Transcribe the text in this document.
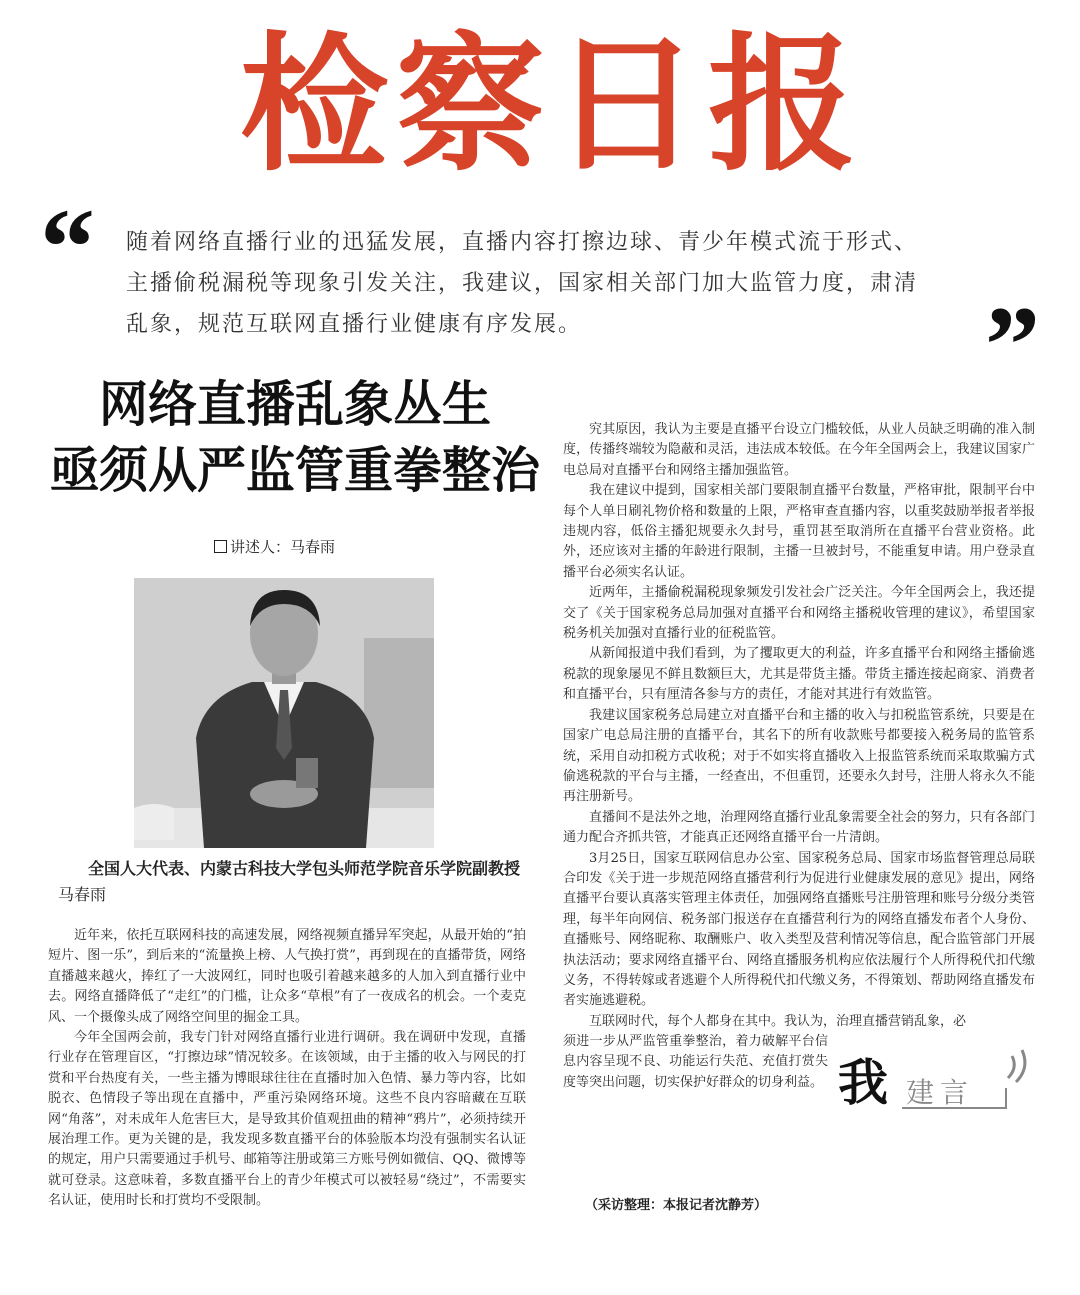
检察日报
“ 随着网络直播行业的迅猛发展，直播内容打擦边球、青少年模式流于形式、

主播偷税漏税等现象引发关注，我建议，国家相关部门加大监管力度，肃清

乱象，规范互联网直播行业健康有序发展。	”
网络直播乱象丛生
亟须从严监管重拳整治
讲述人：马春雨
全国人大代表、内蒙古科技大学包头师范学院音乐学院副教授马春雨

近年来，依托互联网科技的高速发展，网络视频直播异军突起，从最开始的“拍短片、图一乐”，到后来的“流量换上榜、人气换打赏”，再到现在的直播带货，网络直播越来越火，捧红了一大波网红，同时也吸引着越来越多的人加入到直播行业中去。网络直播降低了“走红”的门槛，让众多“草根”有了一夜成名的机会。一个麦克风、一个摄像头成了网络空间里的掘金工具。

今年全国两会前，我专门针对网络直播行业进行调研。我在调研中发现，直播行业存在管理盲区，“打擦边球”情况较多。在该领域，由于主播的收入与网民的打赏和平台热度有关，一些主播为博眼球往往在直播时加入色情、暴力等内容，比如脱衣、色情段子等出现在直播中，严重污染网络环境。这些不良内容暗藏在互联网“角落”，对未成年人危害巨大，是导致其价值观扭曲的精神“鸦片”，必须持续开展治理工作。更为关键的是，我发现多数直播平台的体验版本均没有强制实名认证的规定，用户只需要通过手机号、邮箱等注册或第三方账号例如微信、QQ、微博等就可登录。这意味着，多数直播平台上的青少年模式可以被轻易“绕过”，不需要实名认证，使用时长和打赏均不受限制。

究其原因，我认为主要是直播平台设立门槛较低，从业人员缺乏明确的准入制度，传播终端较为隐蔽和灵活，违法成本较低。在今年全国两会上，我建议国家广电总局对直播平台和网络主播加强监管。

我在建议中提到，国家相关部门要限制直播平台数量，严格审批，限制平台中每个人单日刷礼物价格和数量的上限，严格审查直播内容，以重奖鼓励举报者举报违规内容，低俗主播犯规要永久封号，重罚甚至取消所在直播平台营业资格。此外，还应该对主播的年龄进行限制，主播一旦被封号，不能重复申请。用户登录直播平台必须实名认证。

近两年，主播偷税漏税现象频发引发社会广泛关注。今年全国两会上，我还提交了《关于国家税务总局加强对直播平台和网络主播税收管理的建议》，希望国家税务机关加强对直播行业的征税监管。

从新闻报道中我们看到，为了攫取更大的利益，许多直播平台和网络主播偷逃税款的现象屡见不鲜且数额巨大，尤其是带货主播。带货主播连接起商家、消费者和直播平台，只有厘清各参与方的责任，才能对其进行有效监管。

我建议国家税务总局建立对直播平台和主播的收入与扣税监管系统，只要是在国家广电总局注册的直播平台，其名下的所有收款账号都要接入税务局的监管系统，采用自动扣税方式收税；对于不如实将直播收入上报监管系统而采取欺骗方式偷逃税款的平台与主播，一经查出，不但重罚，还要永久封号，注册人将永久不能再注册新号。

直播间不是法外之地，治理网络直播行业乱象需要全社会的努力，只有各部门通力配合齐抓共管，才能真正还网络直播平台一片清朗。

3月25日，国家互联网信息办公室、国家税务总局、国家市场监督管理总局联合印发《关于进一步规范网络直播营利行为促进行业健康发展的意见》提出，网络直播平台要认真落实管理主体责任，加强网络直播账号注册管理和账号分级分类管理，每半年向网信、税务部门报送存在直播营利行为的网络直播发布者个人身份、直播账号、网络昵称、取酬账户、收入类型及营利情况等信息，配合监管部门开展执法活动；要求网络直播平台、网络直播服务机构应依法履行个人所得税代扣代缴义务，不得转嫁或者逃避个人所得税代扣代缴义务，不得策划、帮助网络直播发布者实施逃避税。

互联网时代，每个人都身在其中。我认为，治理直播营销乱象，必

须进一步从严监管重拳整治，着力破解平台信息内容呈现不良、功能运行失范、充值打赏失度等突出问题，切实保护好群众的切身利益。
（采访整理：本报记者沈静芳）
我 建言
